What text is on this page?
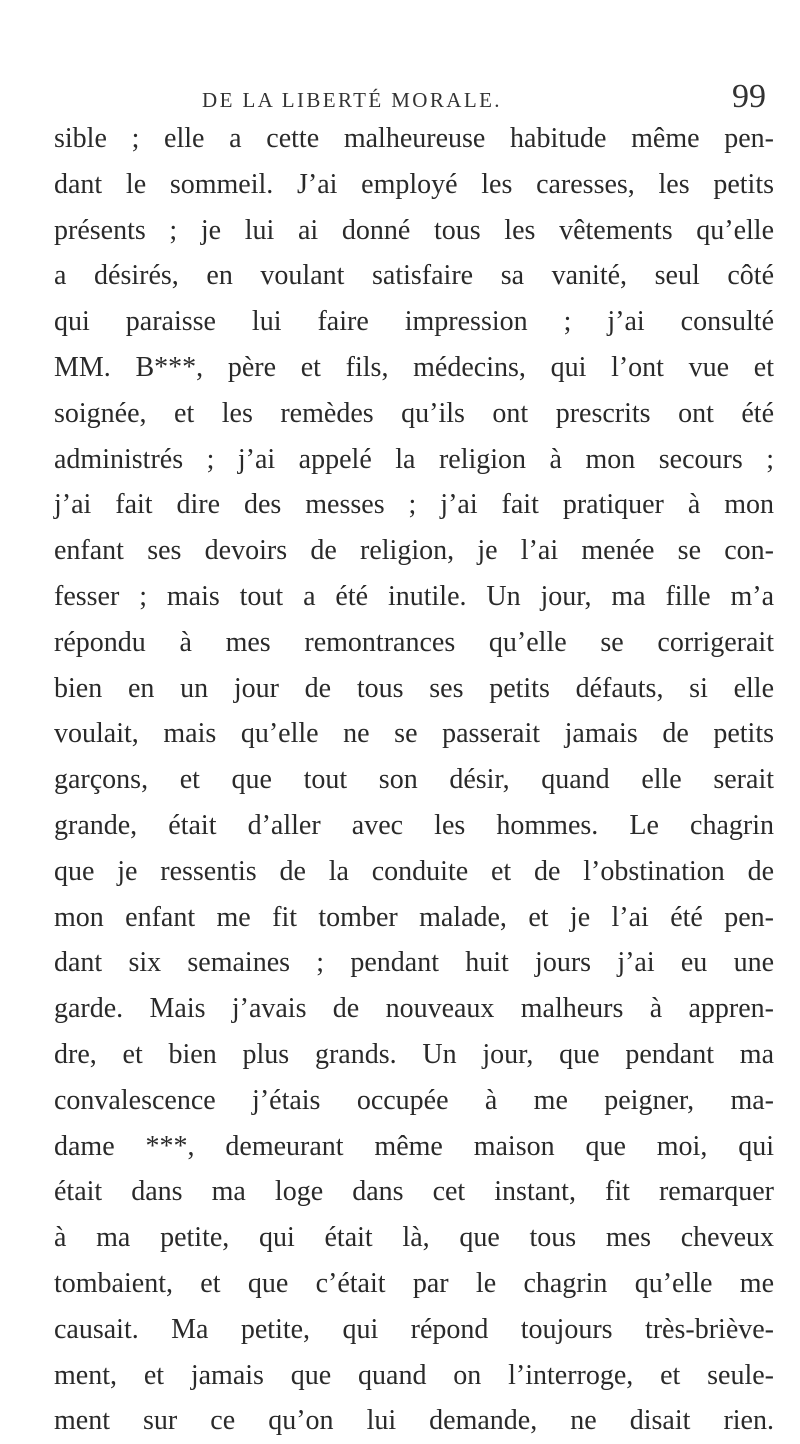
DE LA LIBERTÉ MORALE.	99
sible ; elle a cette malheureuse habitude même pen-
dant le sommeil. J’ai employé les caresses, les petits
présents ; je lui ai donné tous les vêtements qu’elle
a désirés, en voulant satisfaire sa vanité, seul côté
qui paraisse lui faire impression ; j’ai consulté
MM. B***, père et fils, médecins, qui l’ont vue et
soignée, et les remèdes qu’ils ont prescrits ont été
administrés ; j’ai appelé la religion à mon secours ;
j’ai fait dire des messes ; j’ai fait pratiquer à mon
enfant ses devoirs de religion, je l’ai menée se con-
fesser ; mais tout a été inutile. Un jour, ma fille m’a
répondu à mes remontrances qu’elle se corrigerait
bien en un jour de tous ses petits défauts, si elle
voulait, mais qu’elle ne se passerait jamais de petits
garçons, et que tout son désir, quand elle serait
grande, était d’aller avec les hommes. Le chagrin
que je ressentis de la conduite et de l’obstination de
mon enfant me fit tomber malade, et je l’ai été pen-
dant six semaines ; pendant huit jours j’ai eu une
garde. Mais j’avais de nouveaux malheurs à appren-
dre, et bien plus grands. Un jour, que pendant ma
convalescence j’étais occupée à me peigner, ma-
dame ***, demeurant même maison que moi, qui
était dans ma loge dans cet instant, fit remarquer
à ma petite, qui était là, que tous mes cheveux
tombaient, et que c’était par le chagrin qu’elle me
causait. Ma petite, qui répond toujours très-briève-
ment, et jamais que quand on l’interroge, et seule-
ment sur ce qu’on lui demande, ne disait rien.
